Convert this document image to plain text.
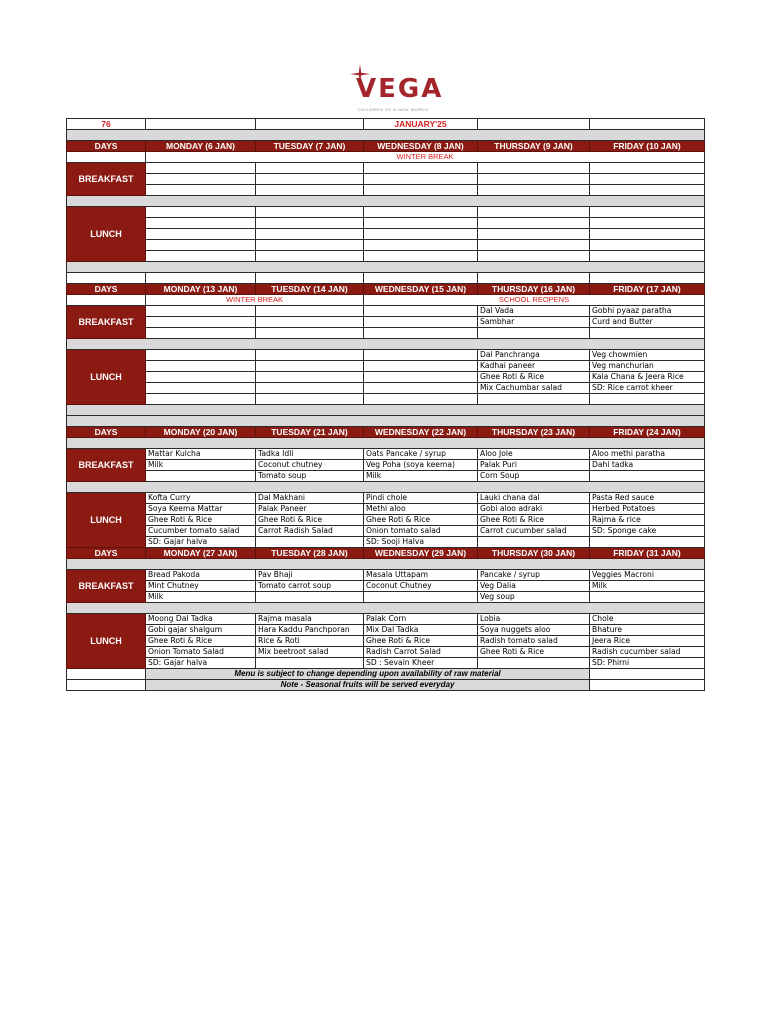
VEGA
CHILDREN OF A NEW WORLD
76			JANUARY'25		

DAYS	MONDAY (6 JAN)	TUESDAY (7 JAN)	WEDNESDAY (8 JAN)	THURSDAY (9 JAN)	FRIDAY (10 JAN)
	WINTER BREAK				
BREAKFAST					

LUNCH					

DAYS	MONDAY (13 JAN)	TUESDAY (14 JAN)	WEDNESDAY (15 JAN)	THURSDAY (16 JAN)	FRIDAY (17 JAN)
	WINTER BREAK		SCHOOL REOPENS		
BREAKFAST				Dal Vada	Gobhi pyaaz paratha
				Sambhar	Curd and Butter

LUNCH				Dal Panchranga	Veg chowmien
				Kadhai paneer	Veg manchurian
				Ghee Roti & Rice	Kala Chana & Jeera Rice
				Mix Cachumbar salad	SD: Rice carrot kheer

DAYS	MONDAY (20 JAN)	TUESDAY (21 JAN)	WEDNESDAY (22 JAN)	THURSDAY (23 JAN)	FRIDAY (24 JAN)

BREAKFAST	Mattar Kulcha	Tadka Idli	Oats Pancake / syrup	Aloo Jole	Aloo methi paratha
	Milk	Coconut chutney	Veg Poha (soya keema)	Palak Puri	Dahi tadka
		Tomato soup	Milk	Corn Soup	

LUNCH	Kofta Curry	Dal Makhani	Pindi chole	Lauki chana dal	Pasta Red sauce
	Soya Keema Mattar	Palak Paneer	Methi aloo	Gobi aloo adraki	Herbed Potatoes
	Ghee Roti & Rice	Ghee Roti & Rice	Ghee Roti & Rice	Ghee Roti & Rice	Rajma & rice
	Cucumber tomato salad	Carrot Radish Salad	Onion tomato salad	Carrot cucumber salad	SD: Sponge cake
	SD: Gajar halva		SD: Sooji Halva		
DAYS	MONDAY (27 JAN)	TUESDAY (28 JAN)	WEDNESDAY (29 JAN)	THURSDAY (30 JAN)	FRIDAY (31 JAN)

BREAKFAST	Bread Pakoda	Pav Bhaji	Masala Uttapam	Pancake / syrup	Veggies Macroni
	Mint Chutney	Tomato carrot soup	Coconut Chutney	Veg Dalia	Milk
	Milk			Veg soup	

LUNCH	Moong Dal Tadka	Rajma masala	Palak Corn	Lobia	Chole
	Gobi gajar shalgum	Hara Kaddu Panchporan	Mix Dal Tadka	Soya nuggets aloo	Bhature
	Ghee Roti & Rice	Rice & Roti	Ghee Roti & Rice	Radish tomato salad	Jeera Rice
	Onion Tomato Salad	Mix beetroot salad	Radish Carrot Salad	Ghee Roti & Rice	Radish cucumber salad
	SD: Gajar halva		SD : Sevain Kheer		SD: Phirni
	Menu is subject to change depending upon availability of raw material				
	Note - Seasonal fruits will be served everyday				
